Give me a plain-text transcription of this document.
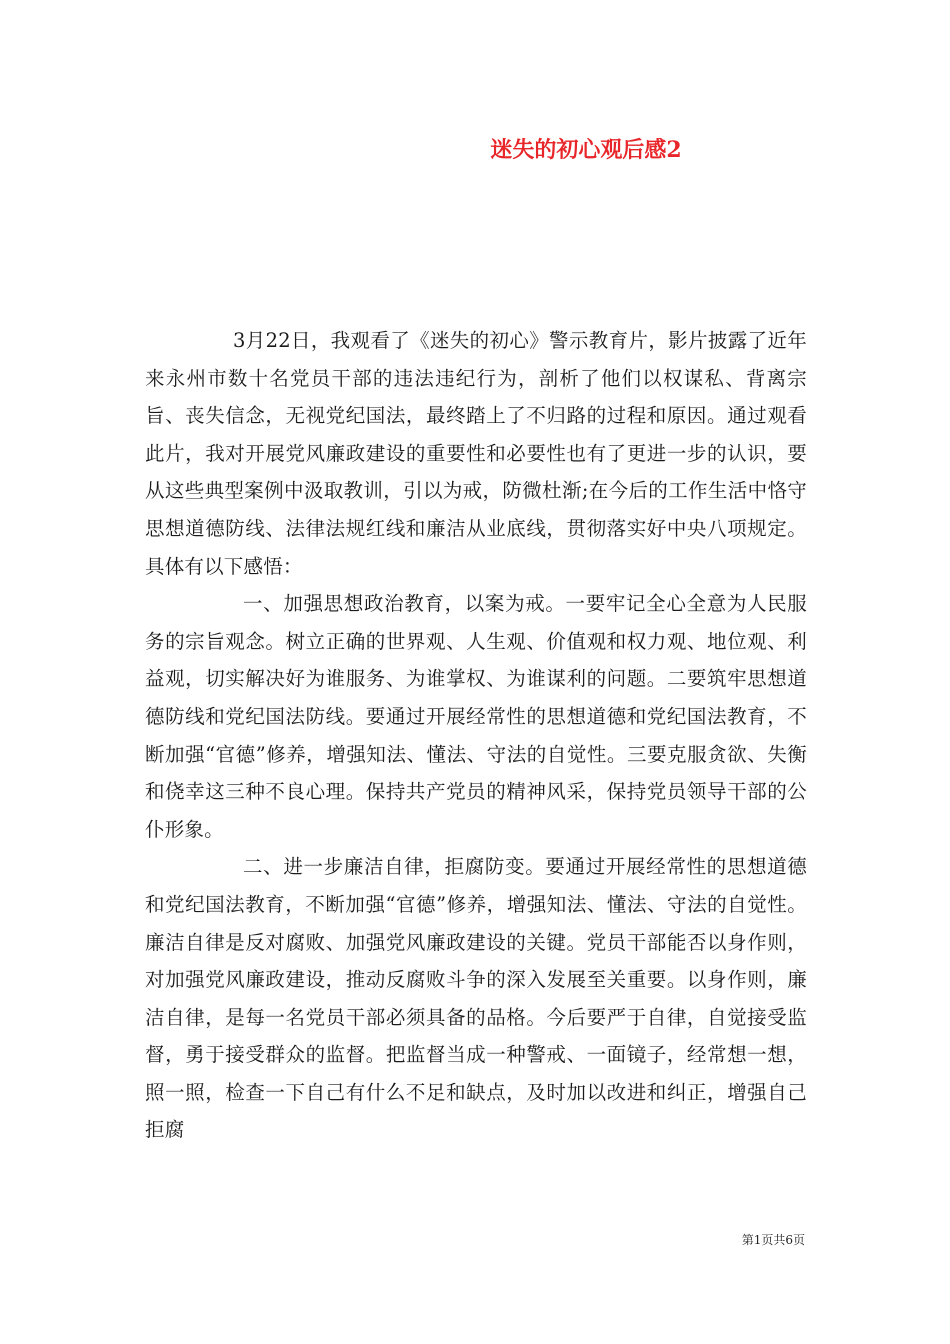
迷失的初心观后感2

3月22日，我观看了《迷失的初心》警示教育片，影片披露了近年来永州市数十名党员干部的违法违纪行为，剖析了他们以权谋私、背离宗旨、丧失信念，无视党纪国法，最终踏上了不归路的过程和原因。通过观看此片，我对开展党风廉政建设的重要性和必要性也有了更进一步的认识，要从这些典型案例中汲取教训，引以为戒，防微杜渐;在今后的工作生活中恪守思想道德防线、法律法规红线和廉洁从业底线，贯彻落实好中央八项规定。具体有以下感悟：

一、加强思想政治教育，以案为戒。一要牢记全心全意为人民服务的宗旨观念。树立正确的世界观、人生观、价值观和权力观、地位观、利益观，切实解决好为谁服务、为谁掌权、为谁谋利的问题。二要筑牢思想道德防线和党纪国法防线。要通过开展经常性的思想道德和党纪国法教育，不断加强“官德”修养，增强知法、懂法、守法的自觉性。三要克服贪欲、失衡和侥幸这三种不良心理。保持共产党员的精神风采，保持党员领导干部的公仆形象。

二、进一步廉洁自律，拒腐防变。要通过开展经常性的思想道德和党纪国法教育，不断加强“官德”修养，增强知法、懂法、守法的自觉性。廉洁自律是反对腐败、加强党风廉政建设的关键。党员干部能否以身作则，对加强党风廉政建设，推动反腐败斗争的深入发展至关重要。以身作则，廉洁自律，是每一名党员干部必须具备的品格。今后要严于自律，自觉接受监督，勇于接受群众的监督。把监督当成一种警戒、一面镜子，经常想一想，照一照，检查一下自己有什么不足和缺点，及时加以改进和纠正，增强自己拒腐

第1页共6页
